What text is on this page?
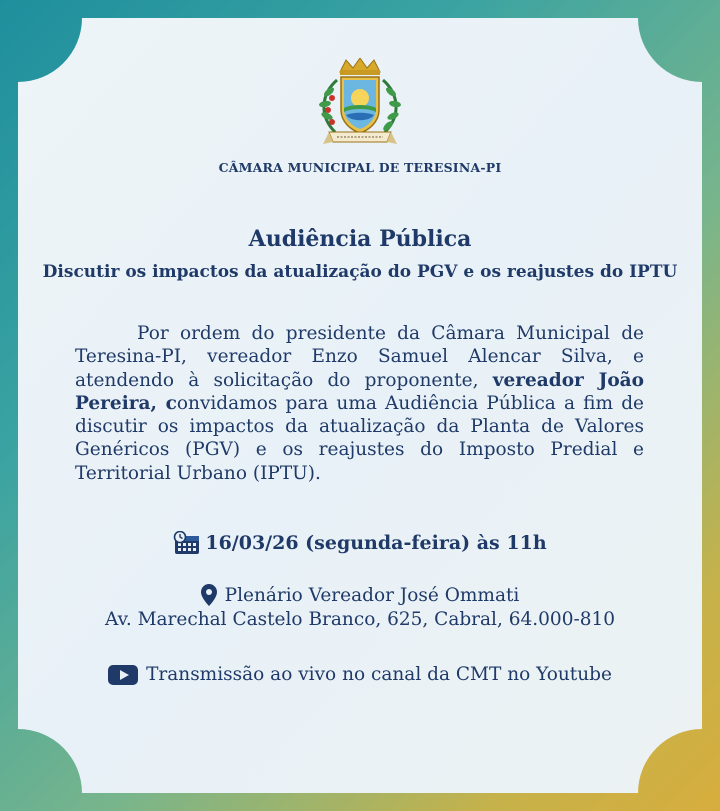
CÂMARA MUNICIPAL DE TERESINA-PI
Audiência Pública
Discutir os impactos da atualização do PGV e os reajustes do IPTU

Por ordem do presidente da Câmara Municipal de Teresina-PI, vereador Enzo Samuel Alencar Silva, e atendendo à solicitação do proponente, vereador João Pereira, convidamos para uma Audiência Pública a fim de discutir os impactos da atualização da Planta de Valores Genéricos (PGV) e os reajustes do Imposto Predial e Territorial Urbano (IPTU).

16/03/26 (segunda-feira) às 11h
Plenário Vereador José Ommati
Av. Marechal Castelo Branco, 625, Cabral, 64.000-810
Transmissão ao vivo no canal da CMT no Youtube
